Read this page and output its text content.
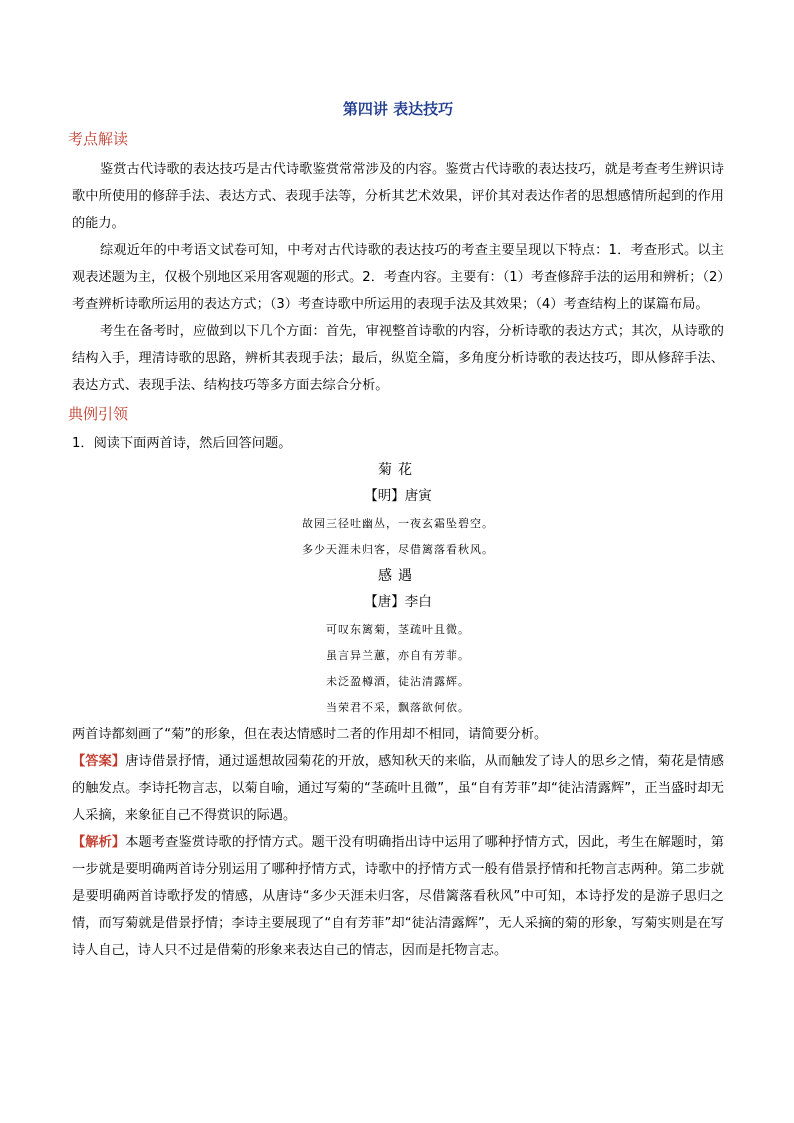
第四讲 表达技巧
考点解读

鉴赏古代诗歌的表达技巧是古代诗歌鉴赏常常涉及的内容。鉴赏古代诗歌的表达技巧，就是考查考生辨识诗歌中所使用的修辞手法、表达方式、表现手法等，分析其艺术效果，评价其对表达作者的思想感情所起到的作用的能力。

综观近年的中考语文试卷可知，中考对古代诗歌的表达技巧的考查主要呈现以下特点：1．考查形式。以主观表述题为主，仅极个别地区采用客观题的形式。2．考查内容。主要有：（1）考查修辞手法的运用和辨析；（2）考查辨析诗歌所运用的表达方式；（3）考查诗歌中所运用的表现手法及其效果；（4）考查结构上的谋篇布局。

考生在备考时，应做到以下几个方面：首先，审视整首诗歌的内容，分析诗歌的表达方式；其次，从诗歌的结构入手，理清诗歌的思路，辨析其表现手法；最后，纵览全篇，多角度分析诗歌的表达技巧，即从修辞手法、表达方式、表现手法、结构技巧等多方面去综合分析。

典例引领

1．阅读下面两首诗，然后回答问题。

菊花

【明】唐寅

故园三径吐幽丛，一夜玄霜坠碧空。

多少天涯未归客，尽借篱落看秋风。

感遇

【唐】李白

可叹东篱菊，茎疏叶且微。

虽言异兰蕙，亦自有芳菲。

未泛盈樽酒，徒沾清露辉。

当荣君不采，飘落欲何依。

两首诗都刻画了“菊”的形象，但在表达情感时二者的作用却不相同，请简要分析。

【答案】唐诗借景抒情，通过遥想故园菊花的开放，感知秋天的来临，从而触发了诗人的思乡之情，菊花是情感的触发点。李诗托物言志，以菊自喻，通过写菊的“茎疏叶且微”，虽“自有芳菲”却“徒沾清露辉”，正当盛时却无人采摘，来象征自己不得赏识的际遇。

【解析】本题考查鉴赏诗歌的抒情方式。题干没有明确指出诗中运用了哪种抒情方式，因此，考生在解题时，第一步就是要明确两首诗分别运用了哪种抒情方式，诗歌中的抒情方式一般有借景抒情和托物言志两种。第二步就是要明确两首诗歌抒发的情感，从唐诗“多少天涯未归客，尽借篱落看秋风”中可知，本诗抒发的是游子思归之情，而写菊就是借景抒情；李诗主要展现了“自有芳菲”却“徒沾清露辉”，无人采摘的菊的形象，写菊实则是在写诗人自己，诗人只不过是借菊的形象来表达自己的情志，因而是托物言志。
